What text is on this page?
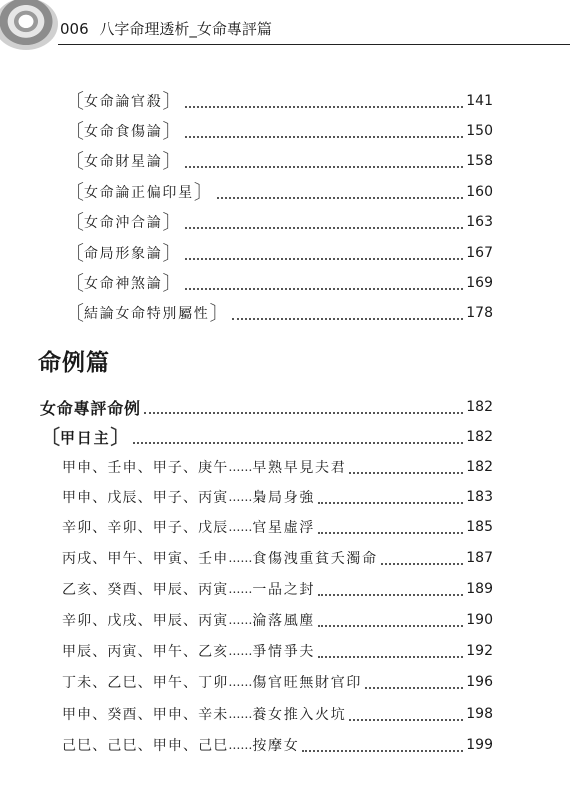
006 八字命理透析_女命專評篇
〔 女命論官殺 〕	141
〔 女命食傷論 〕	150
〔 女命財星論 〕	158
〔 女命論正偏印星 〕	160
〔 女命沖合論 〕	163
〔 命局形象論 〕	167
〔 女命神煞論 〕	169
〔 結論女命特別屬性 〕	178
命例篇
女命專評命例	182
〔 甲日主 〕	182
甲申、壬申、甲子、庚午 …… 早熟早見夫君	182
甲申、戊辰、甲子、丙寅 …… 梟局身強	183
辛卯、辛卯、甲子、戊辰 …… 官星虛浮	185
丙戌、甲午、甲寅、壬申 …… 食傷洩重貧夭濁命	187
乙亥、癸酉、甲辰、丙寅 …… 一品之封	189
辛卯、戊戌、甲辰、丙寅 …… 淪落風塵	190
甲辰、丙寅、甲午、乙亥 …… 爭情爭夫	192
丁未、乙巳、甲午、丁卯 …… 傷官旺無財官印	196
甲申、癸酉、甲申、辛未 …… 養女推入火坑	198
己巳、己巳、甲申、己巳 …… 按摩女	199
